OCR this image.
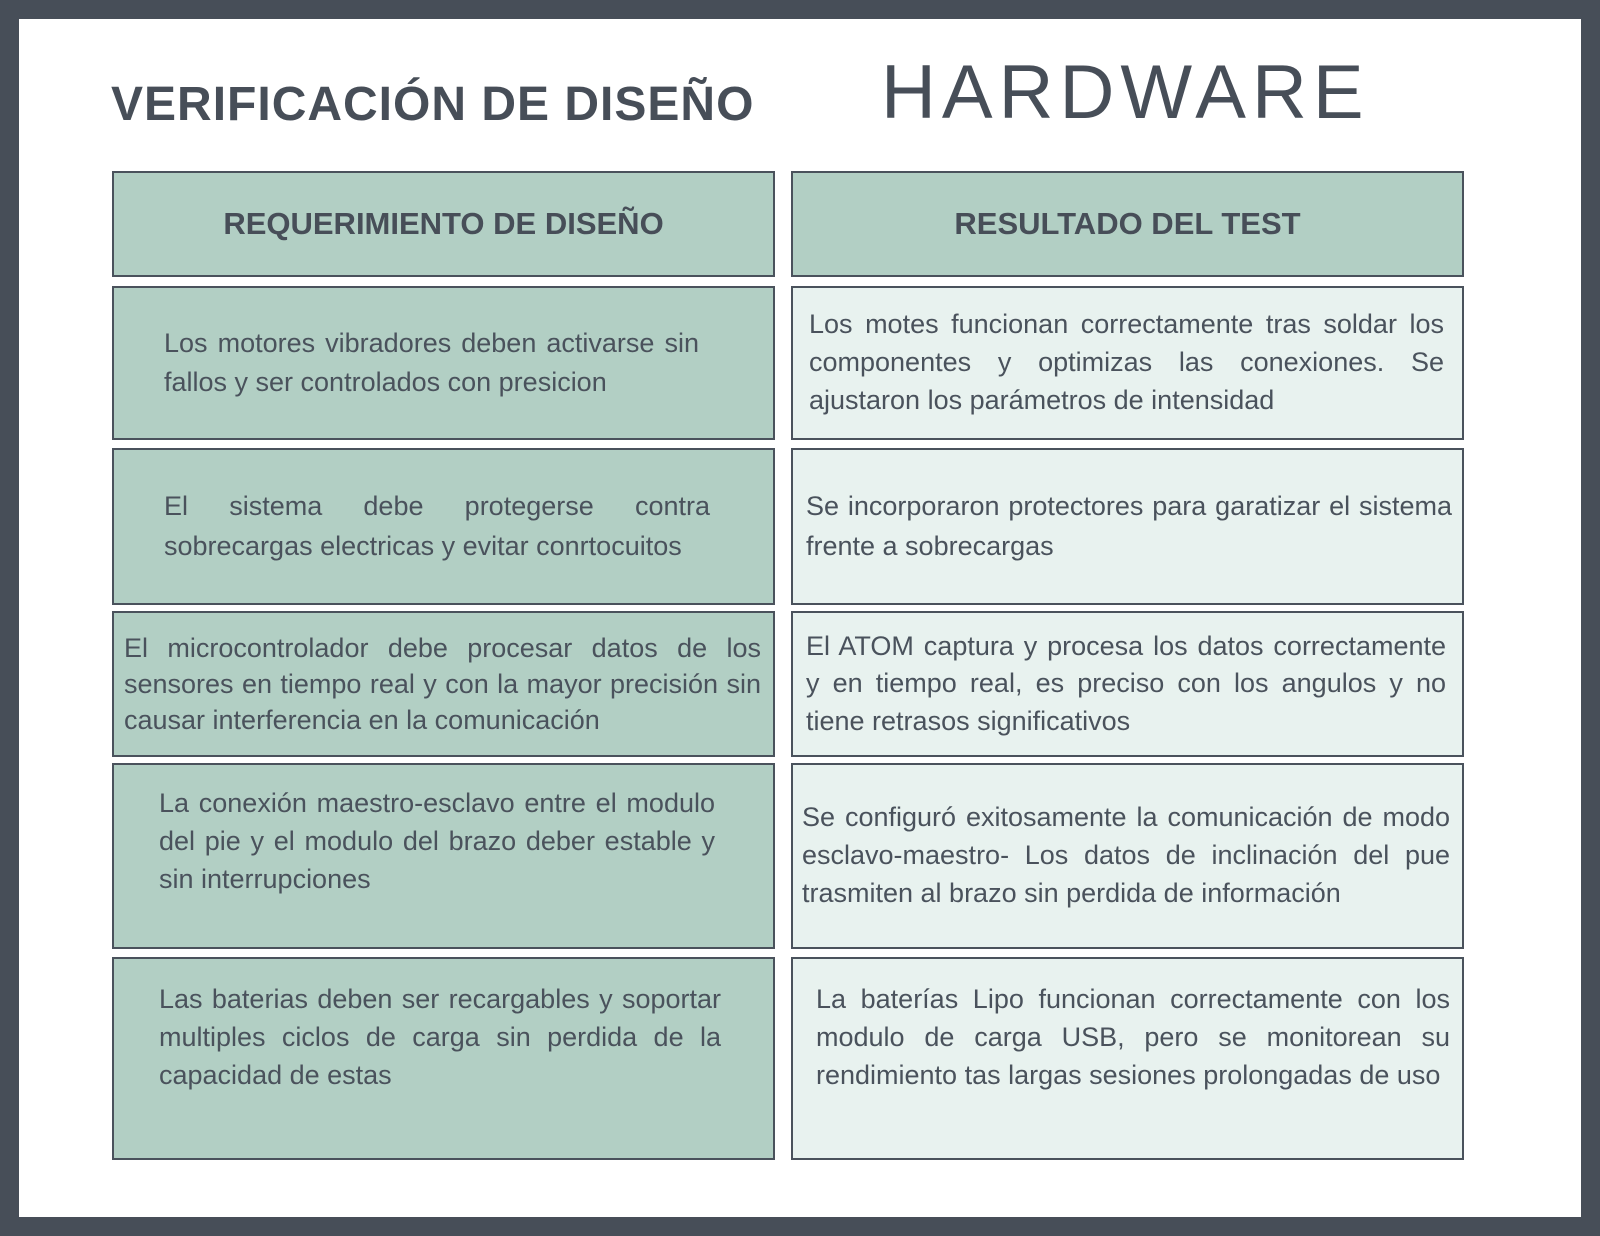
VERIFICACIÓN DE DISEÑO HARDWARE
REQUERIMIENTO DE DISEÑO	RESULTADO DEL TEST

Los motores vibradores deben activarse sin fallos y ser controlados con presicion

Los motes funcionan correctamente tras soldar los componentes y optimizas las conexiones. Se ajustaron los parámetros de intensidad

El sistema debe protegerse contra sobrecargas electricas y evitar conrtocuitos

Se incorporaron protectores para garatizar el sistema frente a sobrecargas

El microcontrolador debe procesar datos de los sensores en tiempo real y con la mayor precisión sin causar interferencia en la comunicación

El ATOM captura y procesa los datos correctamente y en tiempo real, es preciso con los angulos y no tiene retrasos significativos

La conexión maestro-esclavo entre el modulo del pie y el modulo del brazo deber estable y sin interrupciones

Se configuró exitosamente la comunicación de modo esclavo-maestro- Los datos de inclinación del pue trasmiten al brazo sin perdida de información

Las baterias deben ser recargables y soportar multiples ciclos de carga sin perdida de la capacidad de estas

La baterías Lipo funcionan correctamente con los modulo de carga USB, pero se monitorean su rendimiento tas largas sesiones prolongadas de uso
